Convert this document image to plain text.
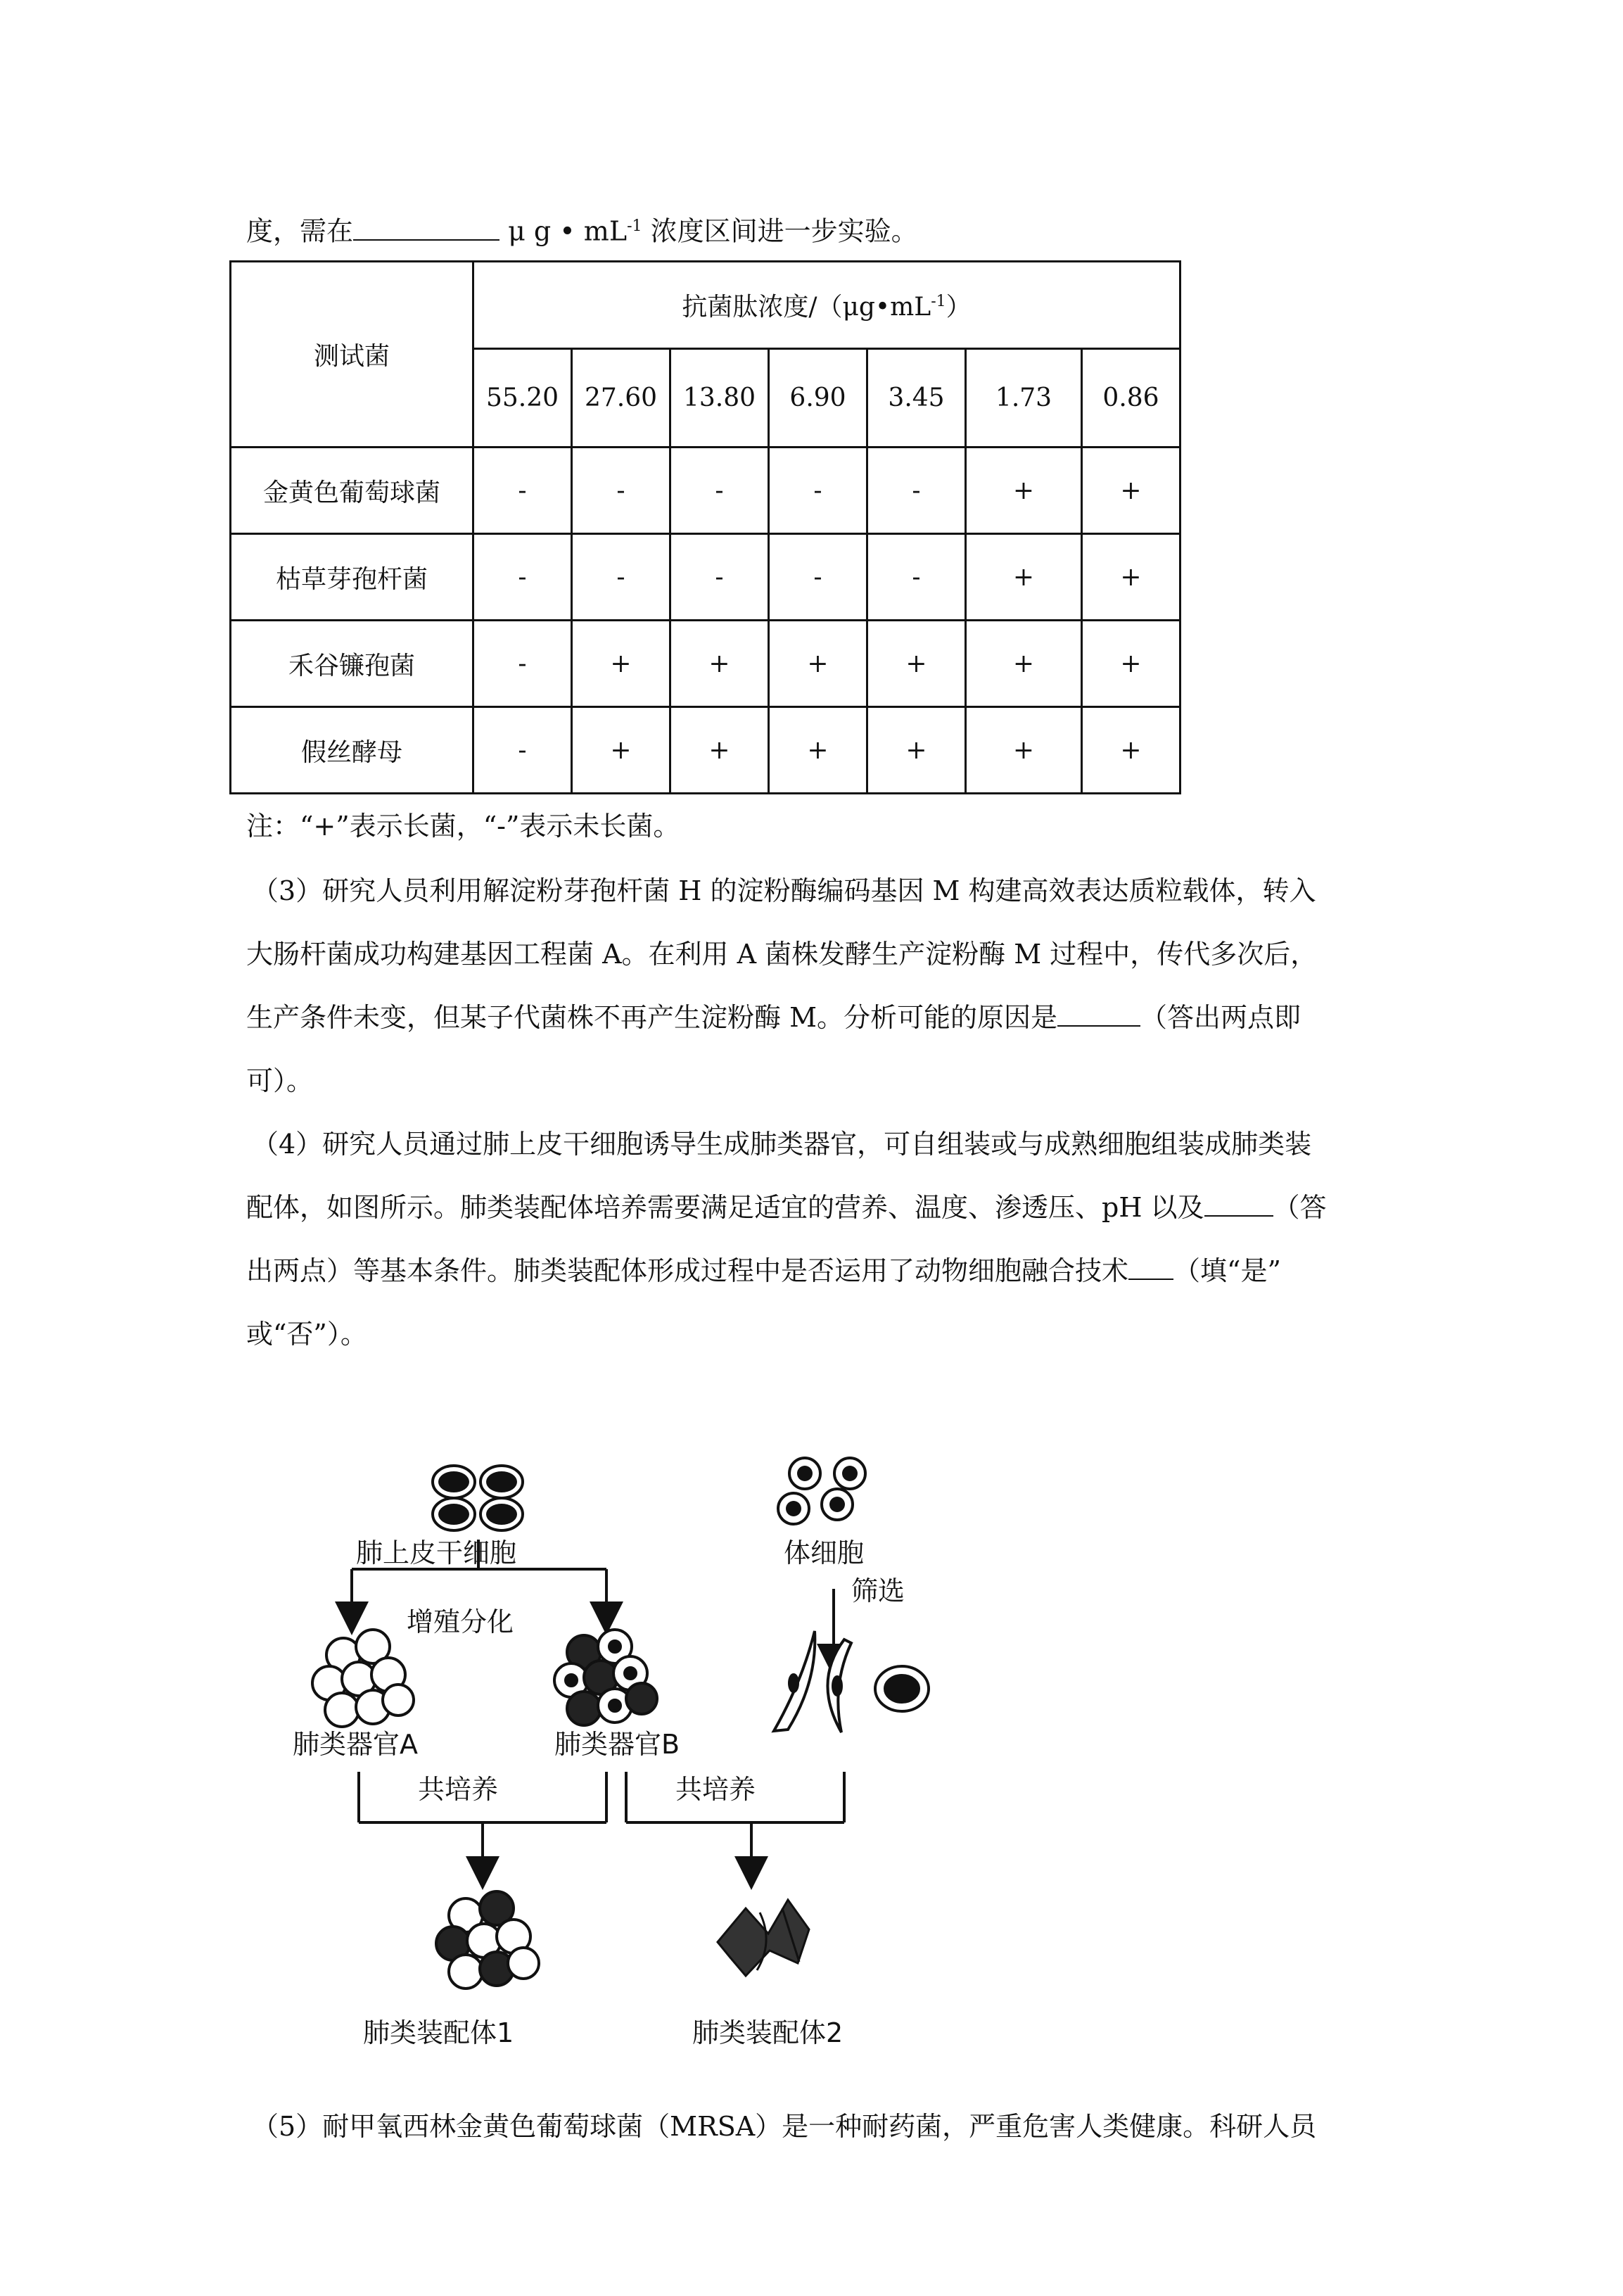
度，需在	μ g • $mL^{-1}$ 浓度区间进一步实验。
测试菌	抗菌肽浓度$/(\mu g•mL^{-1})$						
	55.20	27.60	13.80	6.90	3.45	1.73	0.86
金黄色葡萄球菌	-	-	-	-	-	+	+
枯草芽孢杆菌	-	-	-	-	-	+	+
禾谷镰孢菌	-	+	+	+	+	+	+
假丝酵母	-	+	+	+	+	+	+
注：“+”表示长菌，“-”表示未长菌。
（3）研究人员利用解淀粉芽孢杆菌 H 的淀粉酶编码基因 M 构建高效表达质粒载体，转入
大肠杆菌成功构建基因工程菌 A。在利用 A 菌株发酵生产淀粉酶 M 过程中，传代多次后，
生产条件未变，但某子代菌株不再产生淀粉酶 M。分析可能的原因是	（答出两点即
可）。
（4）研究人员通过肺上皮干细胞诱导生成肺类器官，可自组装或与成熟细胞组装成肺类装
配体，如图所示。肺类装配体培养需要满足适宜的营养、温度、渗透压、pH 以及	（答
出两点）等基本条件。肺类装配体形成过程中是否运用了动物细胞融合技术 （填“是”
或“否”）。
肺上皮干细胞	体细胞
筛选
增殖分化
肺类器官A	肺类器官B
共培养	共培养
肺类装配体1	肺类装配体2
（5）耐甲氧西林金黄色葡萄球菌（MRSA）是一种耐药菌，严重危害人类健康。科研人员
